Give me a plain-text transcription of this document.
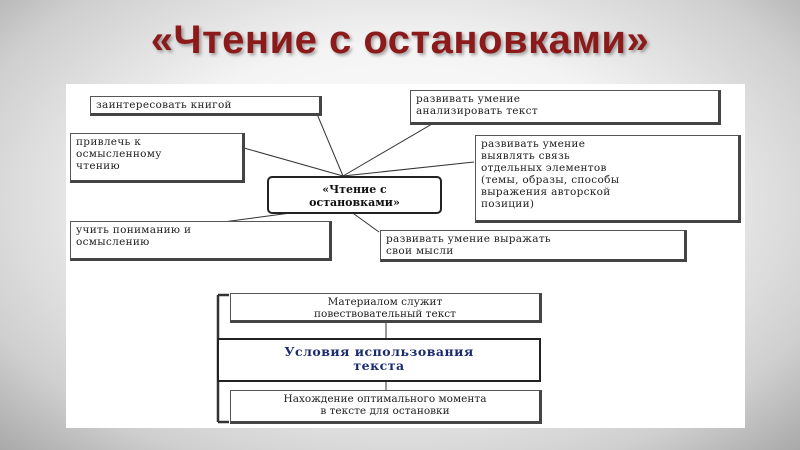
«Чтение с остановками»
заинтересовать книгой	развивать умение
анализировать текст
привлечь к
осмысленному
чтению
развивать умение
выявлять связь
отдельных элементов
(темы, образы, способы
выражения авторской
позиции)
«Чтение с
остановками»
учить пониманию и
осмыслению	развивать умение выражать
свои мысли
Материалом служит
повествовательный текст
Условия использования
текста
Нахождение оптимального момента
в тексте для остановки
